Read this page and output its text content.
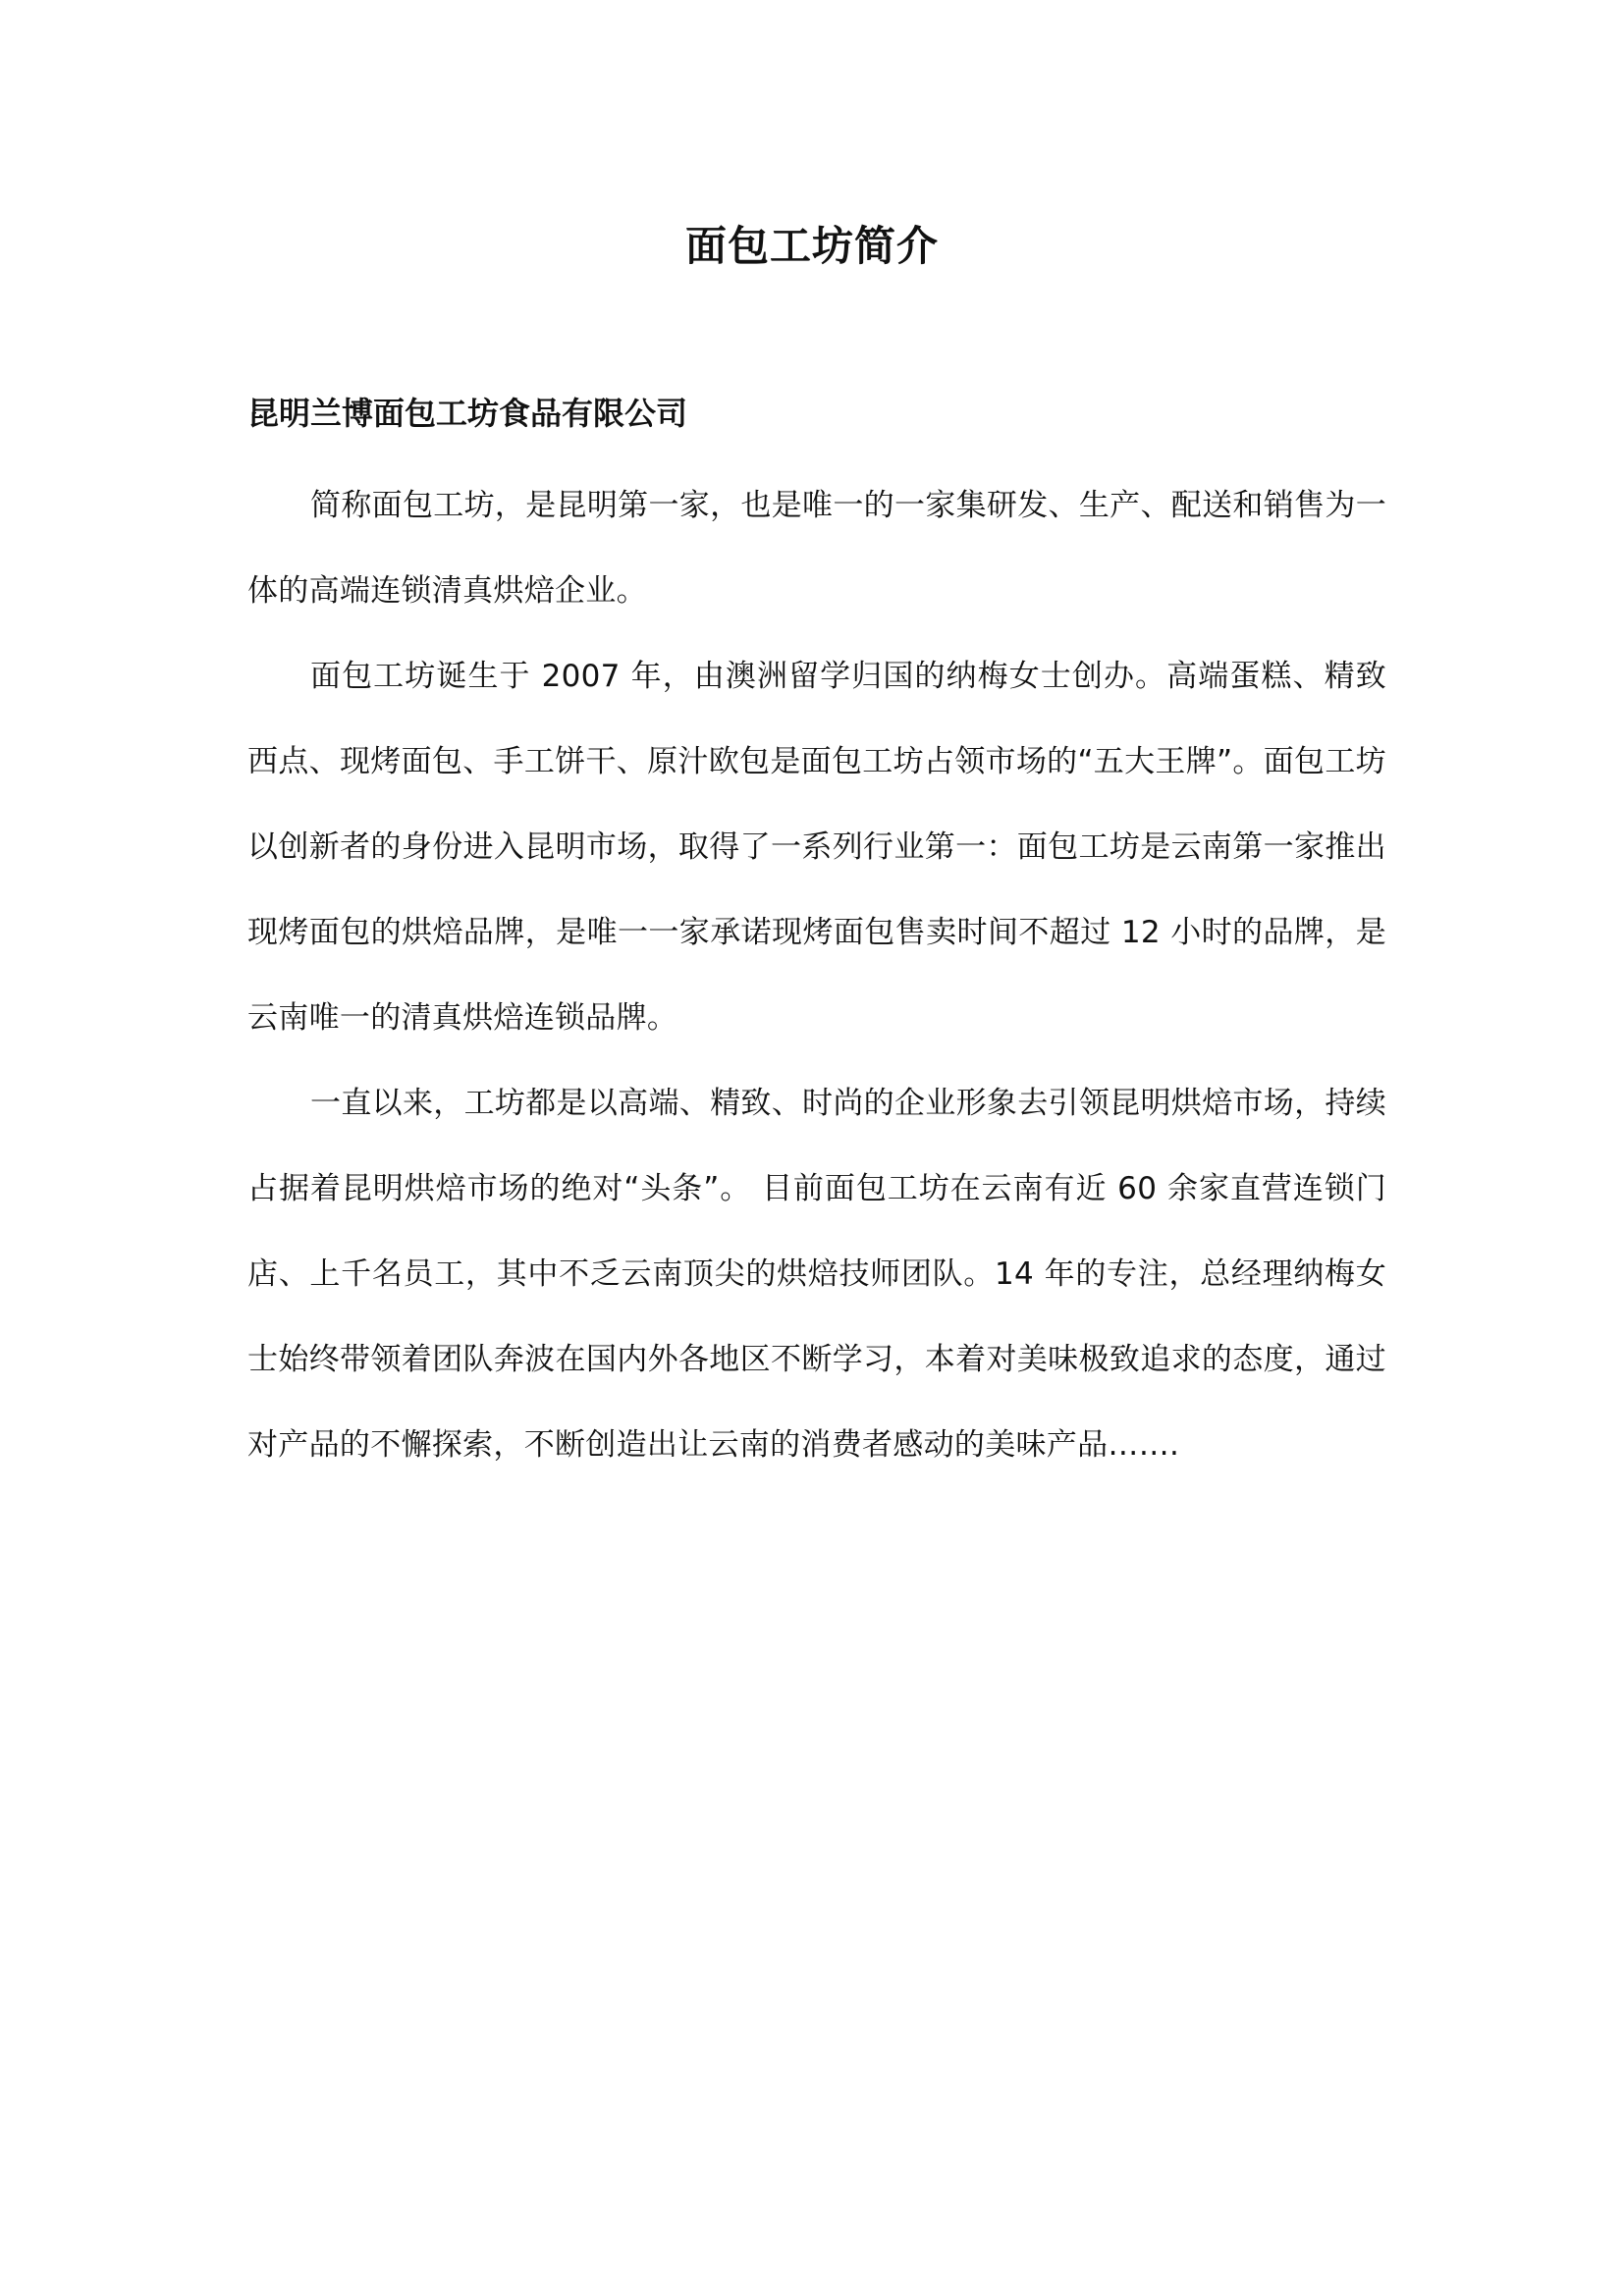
面包工坊简介
昆明兰博面包工坊食品有限公司

简称面包工坊，是昆明第一家，也是唯一的一家集研发、生产、配送和销售为一体的高端连锁清真烘焙企业。

面包工坊诞生于 2007 年，由澳洲留学归国的纳梅女士创办。高端蛋糕、精致西点、现烤面包、手工饼干、原汁欧包是面包工坊占领市场的“五大王牌”。面包工坊以创新者的身份进入昆明市场，取得了一系列行业第一：面包工坊是云南第一家推出现烤面包的烘焙品牌，是唯一一家承诺现烤面包售卖时间不超过 12 小时的品牌，是云南唯一的清真烘焙连锁品牌。

一直以来，工坊都是以高端、精致、时尚的企业形象去引领昆明烘焙市场，持续占据着昆明烘焙市场的绝对“头条”。 目前面包工坊在云南有近 60 余家直营连锁门店、上千名员工，其中不乏云南顶尖的烘焙技师团队。14 年的专注，总经理纳梅女士始终带领着团队奔波在国内外各地区不断学习，本着对美味极致追求的态度，通过对产品的不懈探索，不断创造出让云南的消费者感动的美味产品…….
